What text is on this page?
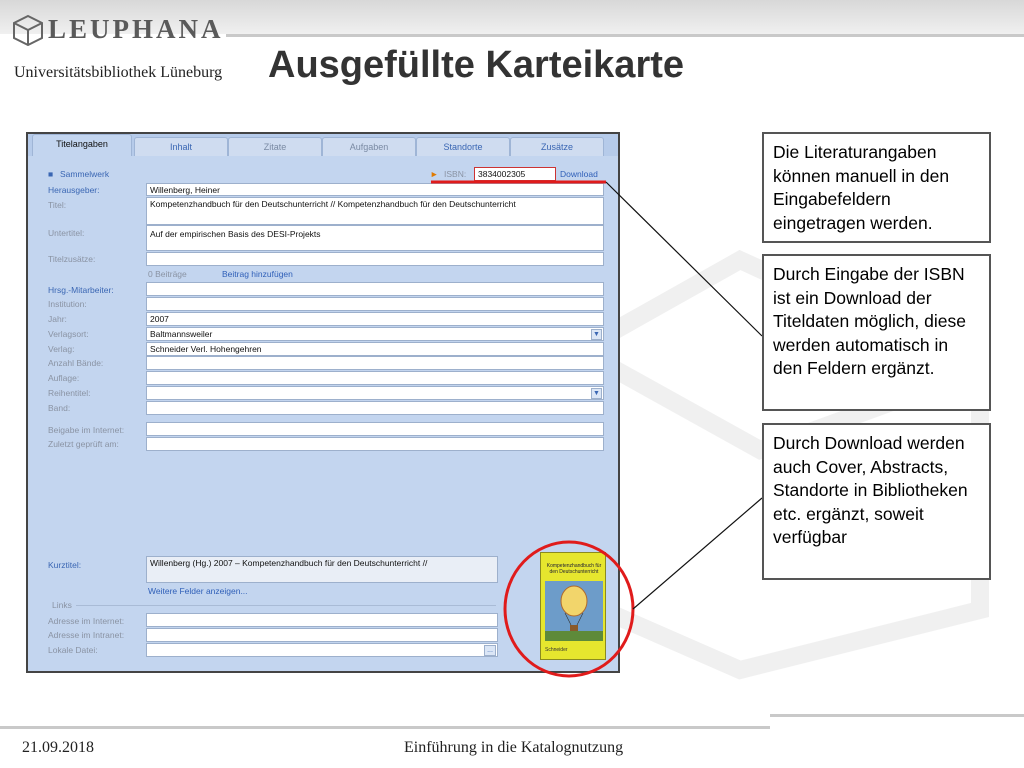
LEUPHANA
Universitätsbibliothek Lüneburg Ausgefüllte Karteikarte
Titelangaben	Inhalt	Zitate	Aufgaben	Standorte	Zusätze
■ Sammelwerk	► ISBN:	3834002305	Download
Herausgeber:	Willenberg, Heiner
Titel:	Kompetenzhandbuch für den Deutschunterricht // Kompetenzhandbuch für den Deutschunterricht
Untertitel:	Auf der empirischen Basis des DESI-Projekts
Titelzusätze:
0 Beiträge	Beitrag hinzufügen
Hrsg.-Mitarbeiter:
Institution:
Jahr:	2007
Verlagsort:	Baltmannsweiler	▼
Verlag:	Schneider Verl. Hohengehren
Anzahl Bände:
Auflage:
Reihentitel:	▼
Band:
Beigabe im Internet:
Zuletzt geprüft am:
Kurztitel:	Willenberg (Hg.) 2007 – Kompetenzhandbuch für den Deutschunterricht //
Weitere Felder anzeigen...
Links
Adresse im Internet:
Adresse im Intranet:
Lokale Datei:	...
Kompetenzhandbuch für den Deutschunterricht
Schneider
Die Literaturangaben können manuell in den Eingabefeldern eingetragen werden.
Durch Eingabe der ISBN ist ein Download der Titeldaten möglich, diese werden automatisch in den Feldern ergänzt.
Durch Download werden auch Cover, Abstracts, Standorte in Bibliotheken etc. ergänzt, soweit verfügbar
21.09.2018	Einführung in die Katalognutzung
